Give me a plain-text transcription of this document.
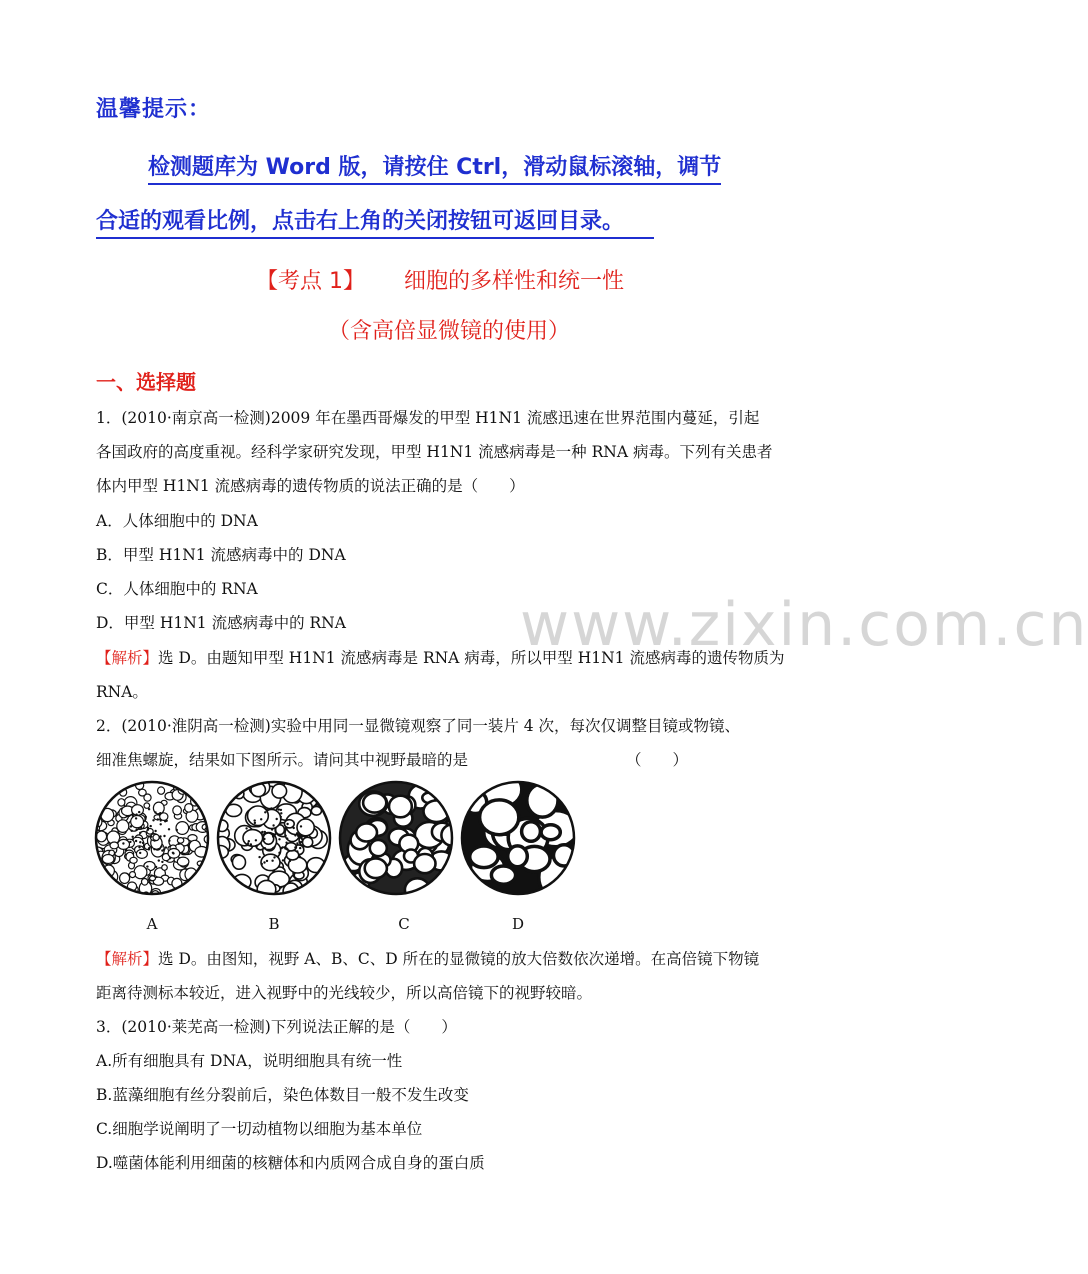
温馨提示：
检测题库为 Word 版，请按住 Ctrl，滑动鼠标滚轴，调节
合适的观看比例，点击右上角的关闭按钮可返回目录。
【考点 1】 细胞的多样性和统一性
（含高倍显微镜的使用）
一、选择题
1．(2010·南京高一检测)2009 年在墨西哥爆发的甲型 H1N1 流感迅速在世界范围内蔓延，引起
各国政府的高度重视。经科学家研究发现，甲型 H1N1 流感病毒是一种 RNA 病毒。下列有关患者
体内甲型 H1N1 流感病毒的遗传物质的说法正确的是（　　）
A．人体细胞中的 DNA
B．甲型 H1N1 流感病毒中的 DNA
C．人体细胞中的 RNA
D．甲型 H1N1 流感病毒中的 RNA
【解析】选 D。由题知甲型 H1N1 流感病毒是 RNA 病毒，所以甲型 H1N1 流感病毒的遗传物质为
RNA。
2．(2010·淮阴高一检测)实验中用同一显微镜观察了同一装片 4 次，每次仅调整目镜或物镜、
细准焦螺旋，结果如下图所示。请问其中视野最暗的是	（　　）
A	B	C	D
【解析】选 D。由图知，视野 A、B、C、D 所在的显微镜的放大倍数依次递增。在高倍镜下物镜
距离待测标本较近，进入视野中的光线较少，所以高倍镜下的视野较暗。
3．(2010·莱芜高一检测)下列说法正解的是（　　）
A.所有细胞具有 DNA，说明细胞具有统一性
B.蓝藻细胞有丝分裂前后，染色体数目一般不发生改变
C.细胞学说阐明了一切动植物以细胞为基本单位
D.噬菌体能利用细菌的核糖体和内质网合成自身的蛋白质
www.zixin.com.cn
